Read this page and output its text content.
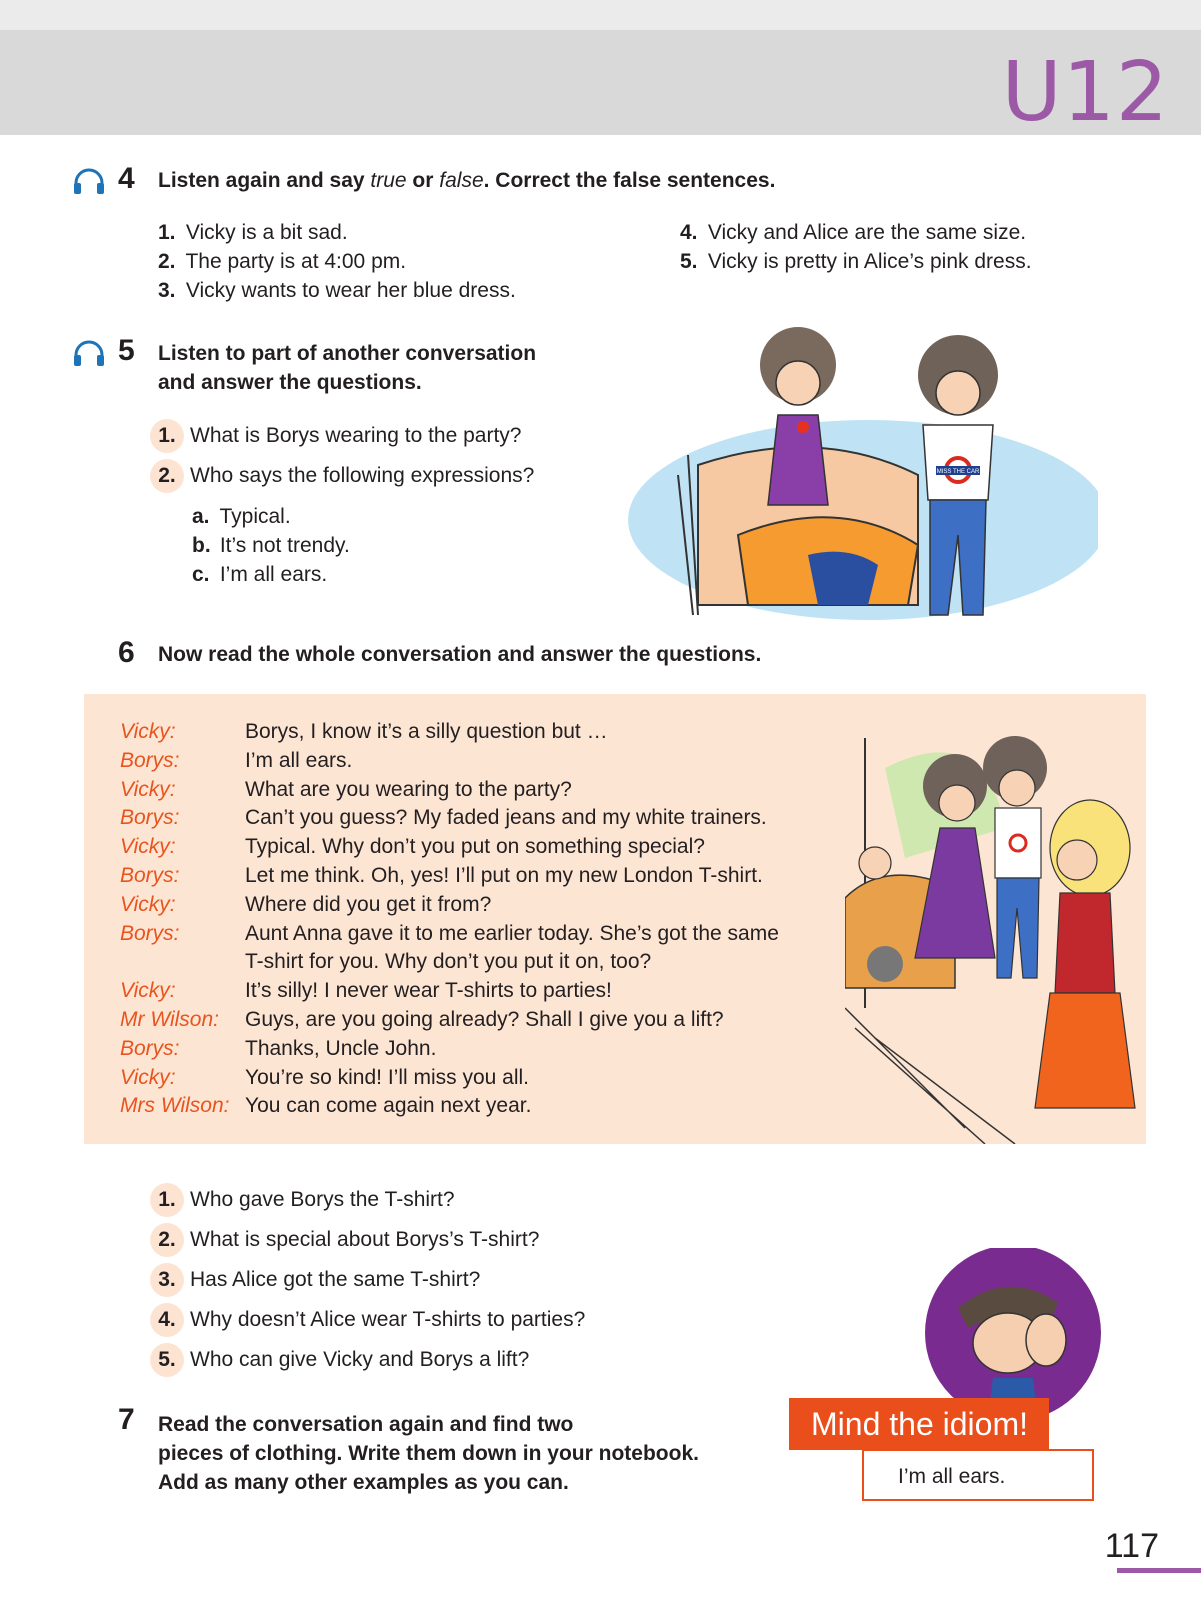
U12
4 Listen again and say true or false. Correct the false sentences.
1. Vicky is a bit sad.
2. The party is at 4:00 pm.
3. Vicky wants to wear her blue dress.
4. Vicky and Alice are the same size.
5. Vicky is pretty in Alice’s pink dress.
5 Listen to part of another conversation
and answer the questions.
1. What is Borys wearing to the party?
2. Who says the following expressions?
a. Typical.
b. It’s not trendy.
c. I’m all ears.
MISS THE CAR
6 Now read the whole conversation and answer the questions.
Vicky:	Borys, I know it’s a silly question but …
Borys:	I’m all ears.
Vicky:	What are you wearing to the party?
Borys:	Can’t you guess? My faded jeans and my white trainers.
Vicky:	Typical. Why don’t you put on something special?
Borys:	Let me think. Oh, yes! I’ll put on my new London T-shirt.
Vicky:	Where did you get it from?
Borys:	Aunt Anna gave it to me earlier today. She’s got the same
T-shirt for you. Why don’t you put it on, too?
Vicky:	It’s silly! I never wear T-shirts to parties!
Mr Wilson: Guys, are you going already? Shall I give you a lift?
Borys:	Thanks, Uncle John.
Vicky:	You’re so kind! I’ll miss you all.
Mrs Wilson: You can come again next year.
1. Who gave Borys the T-shirt?
2. What is special about Borys’s T-shirt?
3. Has Alice got the same T-shirt?
4. Why doesn’t Alice wear T-shirts to parties?
5. Who can give Vicky and Borys a lift?
7 Read the conversation again and find two
pieces of clothing. Write them down in your notebook.
Add as many other examples as you can.
Mind the idiom!
I’m all ears.
117
